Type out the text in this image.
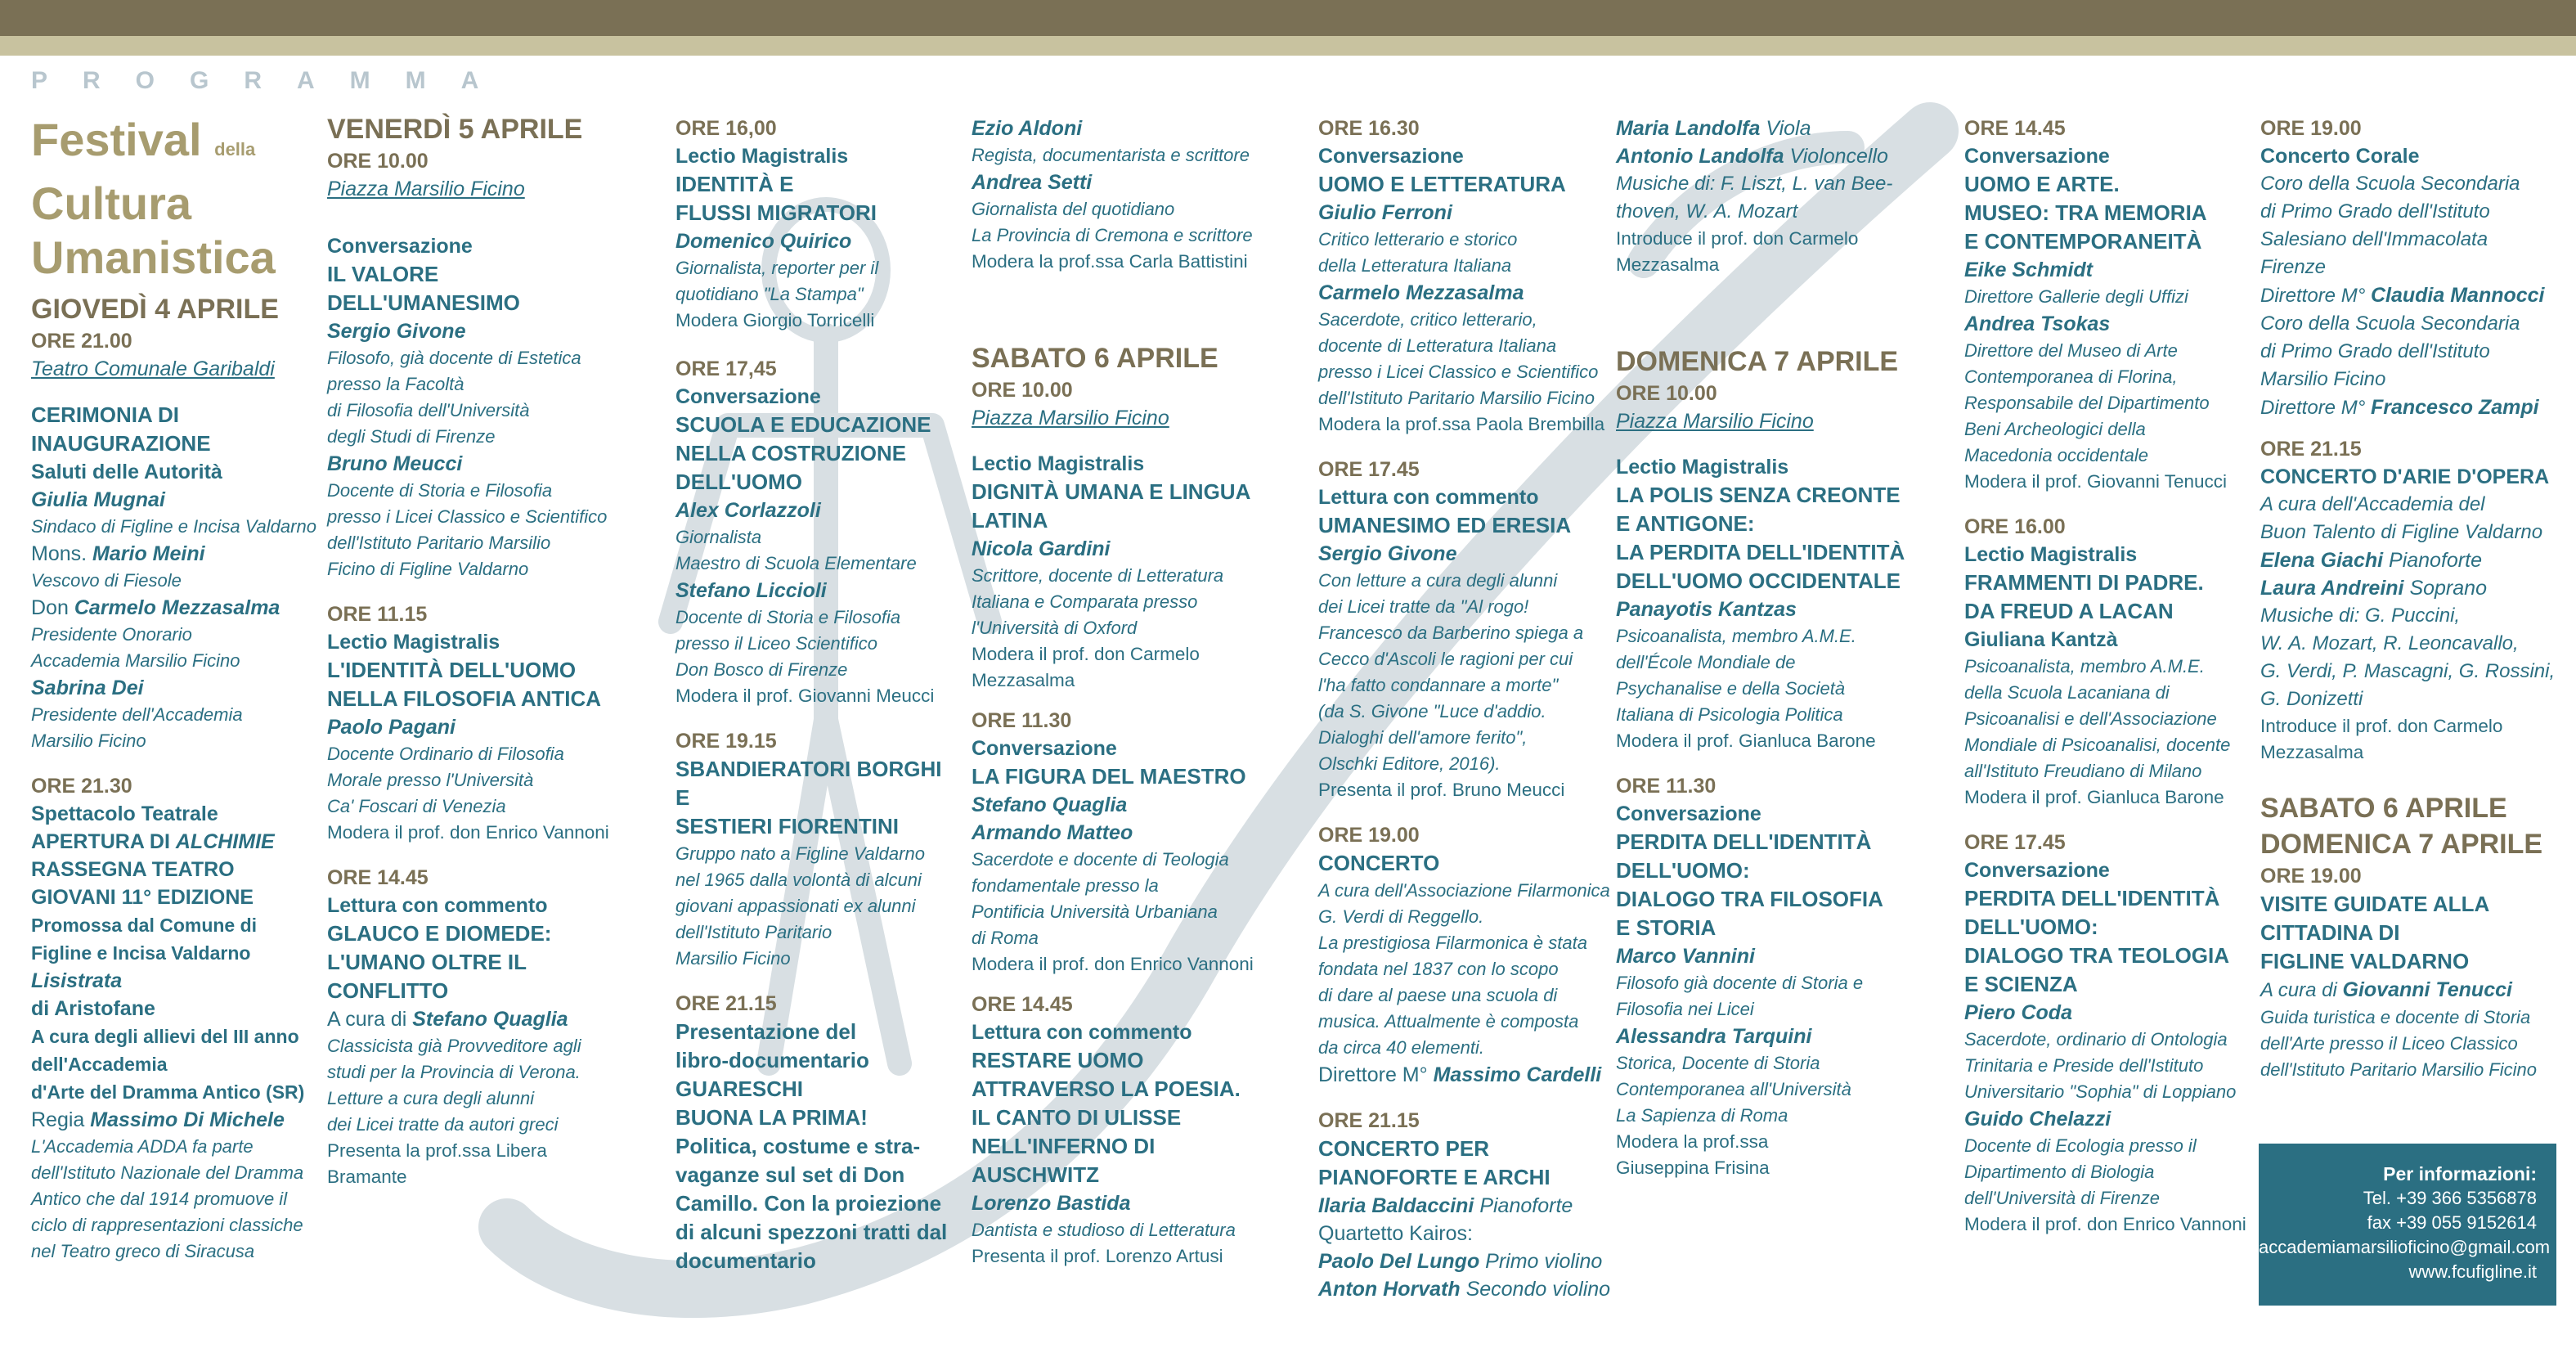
PROGRAMMA
Festival della
Cultura
Umanistica

GIOVEDÌ 4 APRILE

ORE 21.00

Teatro Comunale Garibaldi

CERIMONIA DI

INAUGURAZIONE

Saluti delle Autorità

Giulia Mugnai

Sindaco di Figline e Incisa Valdarno

Mons. Mario Meini

Vescovo di Fiesole

Don Carmelo Mezzasalma

Presidente Onorario

Accademia Marsilio Ficino

Sabrina Dei

Presidente dell'Accademia

Marsilio Ficino

ORE 21.30

Spettacolo Teatrale

APERTURA DI ALCHIMIE

RASSEGNA TEATRO

GIOVANI 11° EDIZIONE

Promossa dal Comune di

Figline e Incisa Valdarno

Lisistrata

di Aristofane

A cura degli allievi del III anno

dell'Accademia

d'Arte del Dramma Antico (SR)

Regia Massimo Di Michele

L'Accademia ADDA fa parte

dell'Istituto Nazionale del Dramma

Antico che dal 1914 promuove il

ciclo di rappresentazioni classiche

nel Teatro greco di Siracusa

VENERDÌ 5 APRILE

ORE 10.00

Piazza Marsilio Ficino

Conversazione

IL VALORE

DELL'UMANESIMO

Sergio Givone

Filosofo, già docente di Estetica

presso la Facoltà

di Filosofia dell'Università

degli Studi di Firenze

Bruno Meucci

Docente di Storia e Filosofia

presso i Licei Classico e Scientifico

dell'Istituto Paritario Marsilio

Ficino di Figline Valdarno

ORE 11.15

Lectio Magistralis

L'IDENTITÀ DELL'UOMO

NELLA FILOSOFIA ANTICA

Paolo Pagani

Docente Ordinario di Filosofia

Morale presso l'Università

Ca' Foscari di Venezia

Modera il prof. don Enrico Vannoni

ORE 14.45

Lettura con commento

GLAUCO E DIOMEDE:

L'UMANO OLTRE IL

CONFLITTO

A cura di Stefano Quaglia

Classicista già Provveditore agli

studi per la Provincia di Verona.

Letture a cura degli alunni

dei Licei tratte da autori greci

Presenta la prof.ssa Libera Bramante

ORE 16,00

Lectio Magistralis

IDENTITÀ E

FLUSSI MIGRATORI

Domenico Quirico

Giornalista, reporter per il

quotidiano "La Stampa"

Modera Giorgio Torricelli

ORE 17,45

Conversazione

SCUOLA E EDUCAZIONE

NELLA COSTRUZIONE

DELL'UOMO

Alex Corlazzoli

Giornalista

Maestro di Scuola Elementare

Stefano Liccioli

Docente di Storia e Filosofia

presso il Liceo Scientifico

Don Bosco di Firenze

Modera il prof. Giovanni Meucci

ORE 19.15

SBANDIERATORI BORGHI E

SESTIERI FIORENTINI

Gruppo nato a Figline Valdarno

nel 1965 dalla volontà di alcuni

giovani appassionati ex alunni

dell'Istituto Paritario

Marsilio Ficino

ORE 21.15

Presentazione del

libro-documentario

GUARESCHI

BUONA LA PRIMA!

Politica, costume e stra-

vaganze sul set di Don

Camillo. Con la proiezione

di alcuni spezzoni tratti dal

documentario

Ezio Aldoni

Regista, documentarista e scrittore

Andrea Setti

Giornalista del quotidiano

La Provincia di Cremona e scrittore

Modera la prof.ssa Carla Battistini

SABATO 6 APRILE

ORE 10.00

Piazza Marsilio Ficino

Lectio Magistralis

DIGNITÀ UMANA E LINGUA

LATINA

Nicola Gardini

Scrittore, docente di Letteratura

Italiana e Comparata presso

l'Università di Oxford

Modera il prof. don Carmelo

Mezzasalma

ORE 11.30

Conversazione

LA FIGURA DEL MAESTRO

Stefano Quaglia

Armando Matteo

Sacerdote e docente di Teologia

fondamentale presso la

Pontificia Università Urbaniana

di Roma

Modera il prof. don Enrico Vannoni

ORE 14.45

Lettura con commento

RESTARE UOMO

ATTRAVERSO LA POESIA.

IL CANTO DI ULISSE

NELL'INFERNO DI

AUSCHWITZ

Lorenzo Bastida

Dantista e studioso di Letteratura

Presenta il prof. Lorenzo Artusi

ORE 16.30

Conversazione

UOMO E LETTERATURA

Giulio Ferroni

Critico letterario e storico

della Letteratura Italiana

Carmelo Mezzasalma

Sacerdote, critico letterario,

docente di Letteratura Italiana

presso i Licei Classico e Scientifico

dell'Istituto Paritario Marsilio Ficino

Modera la prof.ssa Paola Brembilla

ORE 17.45

Lettura con commento

UMANESIMO ED ERESIA

Sergio Givone

Con letture a cura degli alunni

dei Licei tratte da "Al rogo!

Francesco da Barberino spiega a

Cecco d'Ascoli le ragioni per cui

l'ha fatto condannare a morte"

(da S. Givone "Luce d'addio.

Dialoghi dell'amore ferito",

Olschki Editore, 2016).

Presenta il prof. Bruno Meucci

ORE 19.00

CONCERTO

A cura dell'Associazione Filarmonica

G. Verdi di Reggello.

La prestigiosa Filarmonica è stata

fondata nel 1837 con lo scopo

di dare al paese una scuola di

musica. Attualmente è composta

da circa 40 elementi.

Direttore M° Massimo Cardelli

ORE 21.15

CONCERTO PER

PIANOFORTE E ARCHI

Ilaria Baldaccini Pianoforte

Quartetto Kairos:

Paolo Del Lungo Primo violino

Anton Horvath Secondo violino

Maria Landolfa Viola

Antonio Landolfa Violoncello

Musiche di: F. Liszt, L. van Bee-

thoven, W. A. Mozart

Introduce il prof. don Carmelo

Mezzasalma

DOMENICA 7 APRILE

ORE 10.00

Piazza Marsilio Ficino

Lectio Magistralis

LA POLIS SENZA CREONTE

E ANTIGONE:

LA PERDITA DELL'IDENTITÀ

DELL'UOMO OCCIDENTALE

Panayotis Kantzas

Psicoanalista, membro A.M.E.

dell'École Mondiale de

Psychanalise e della Società

Italiana di Psicologia Politica

Modera il prof. Gianluca Barone

ORE 11.30

Conversazione

PERDITA DELL'IDENTITÀ

DELL'UOMO:

DIALOGO TRA FILOSOFIA

E STORIA

Marco Vannini

Filosofo già docente di Storia e

Filosofia nei Licei

Alessandra Tarquini

Storica, Docente di Storia

Contemporanea all'Università

La Sapienza di Roma

Modera la prof.ssa

Giuseppina Frisina

ORE 14.45

Conversazione

UOMO E ARTE.

MUSEO: TRA MEMORIA

E CONTEMPORANEITÀ

Eike Schmidt

Direttore Gallerie degli Uffizi

Andrea Tsokas

Direttore del Museo di Arte

Contemporanea di Florina,

Responsabile del Dipartimento

Beni Archeologici della

Macedonia occidentale

Modera il prof. Giovanni Tenucci

ORE 16.00

Lectio Magistralis

FRAMMENTI DI PADRE.

DA FREUD A LACAN

Giuliana Kantzà

Psicoanalista, membro A.M.E.

della Scuola Lacaniana di

Psicoanalisi e dell'Associazione

Mondiale di Psicoanalisi, docente

all'Istituto Freudiano di Milano

Modera il prof. Gianluca Barone

ORE 17.45

Conversazione

PERDITA DELL'IDENTITÀ

DELL'UOMO:

DIALOGO TRA TEOLOGIA

E SCIENZA

Piero Coda

Sacerdote, ordinario di Ontologia

Trinitaria e Preside dell'Istituto

Universitario "Sophia" di Loppiano

Guido Chelazzi

Docente di Ecologia presso il

Dipartimento di Biologia

dell'Università di Firenze

Modera il prof. don Enrico Vannoni

ORE 19.00

Concerto Corale

Coro della Scuola Secondaria

di Primo Grado dell'Istituto

Salesiano dell'Immacolata

Firenze

Direttore M° Claudia Mannocci

Coro della Scuola Secondaria

di Primo Grado dell'Istituto

Marsilio Ficino

Direttore M° Francesco Zampi

ORE 21.15

CONCERTO D'ARIE D'OPERA

A cura dell'Accademia del

Buon Talento di Figline Valdarno

Elena Giachi Pianoforte

Laura Andreini Soprano

Musiche di: G. Puccini,

W. A. Mozart, R. Leoncavallo,

G. Verdi, P. Mascagni, G. Rossini,

G. Donizetti

Introduce il prof. don Carmelo

Mezzasalma

SABATO 6 APRILE

DOMENICA 7 APRILE

ORE 19.00

VISITE GUIDATE ALLA

CITTADINA DI

FIGLINE VALDARNO

A cura di Giovanni Tenucci

Guida turistica e docente di Storia

dell'Arte presso il Liceo Classico

dell'Istituto Paritario Marsilio Ficino

Per informazioni:
Tel. +39 366 5356878
fax +39 055 9152614
accademiamarsilioficino@gmail.com
www.fcufigline.it
